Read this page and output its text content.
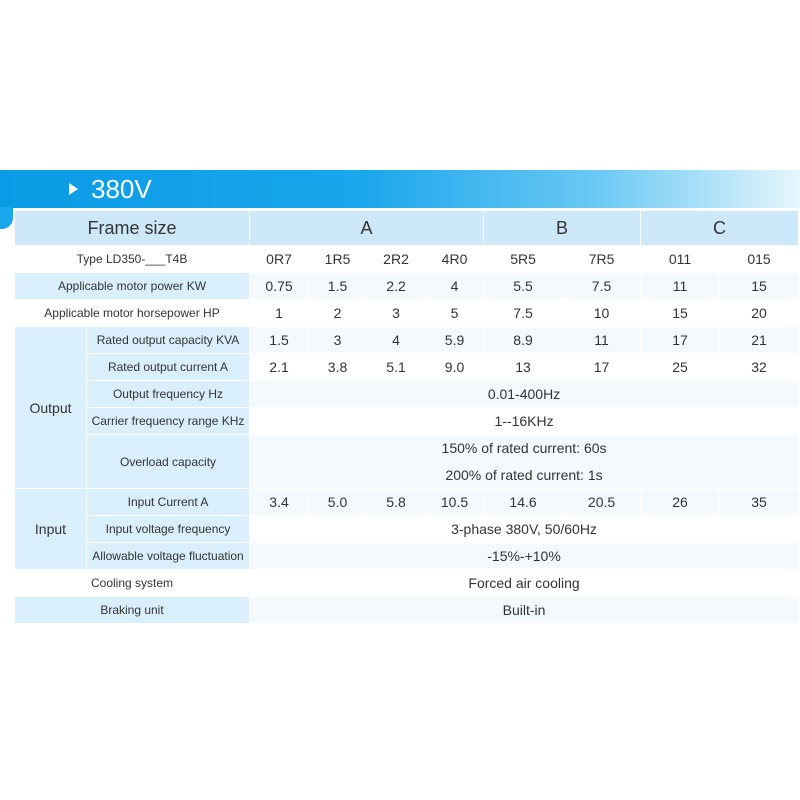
380V
Frame size		A				B		C	
Type LD350-___T4B		0R7	1R5	2R2	4R0	5R5	7R5	011	015
Applicable motor power KW		0.75	1.5	2.2	4	5.5	7.5	11	15
Applicable motor horsepower HP		1	2	3	5	7.5	10	15	20
Output	Rated output capacity KVA	1.5	3	4	5.9	8.9	11	17	21
	Rated output current A	2.1	3.8	5.1	9.0	13	17	25	32
	Output frequency Hz	0.01-400Hz							
	Carrier frequency range KHz	1--16KHz							
	Overload capacity	150% of rated current: 60s							
		200% of rated current: 1s							
Input	Input Current A	3.4	5.0	5.8	10.5	14.6	20.5	26	35
	Input voltage frequency	3-phase 380V, 50/60Hz							
	Allowable voltage fluctuation	-15%-+10%							
Cooling system		Forced air cooling							
Braking unit		Built-in							
